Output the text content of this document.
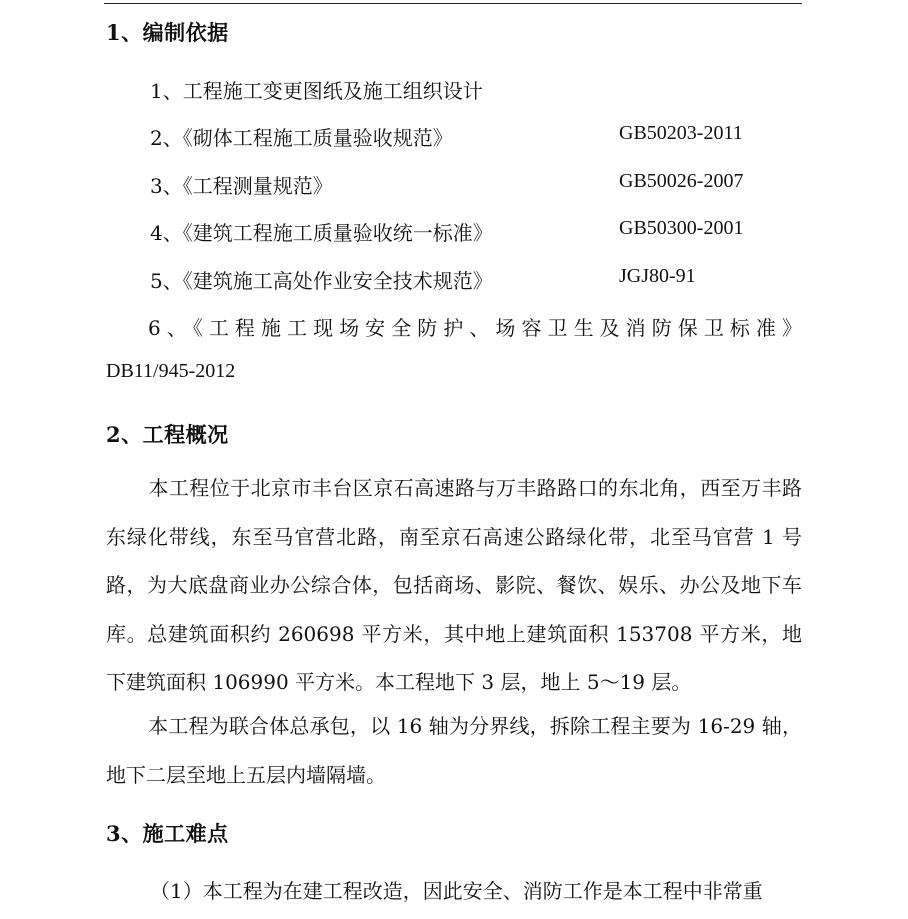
1、编制依据
1、工程施工变更图纸及施工组织设计
2、《砌体工程施工质量验收规范》	GB50203-2011
3、《工程测量规范》	GB50026-2007
4、《建筑工程施工质量验收统一标准》	GB50300-2001
5、《建筑施工高处作业安全技术规范》	JGJ80-91
6、《工程施工现场安全防护、场容卫生及消防保卫标准》
DB11/945-2012
2、工程概况
本工程位于北京市丰台区京石高速路与万丰路路口的东北角，西至万丰路东绿化带线，东至马官营北路，南至京石高速公路绿化带，北至马官营 1 号路，为大底盘商业办公综合体，包括商场、影院、餐饮、娱乐、办公及地下车库。总建筑面积约 260698 平方米，其中地上建筑面积 153708 平方米，地下建筑面积 106990 平方米。本工程地下 3 层，地上 5～19 层。
本工程为联合体总承包，以 16 轴为分界线，拆除工程主要为 16-29 轴，地下二层至地上五层内墙隔墙。
3、施工难点
（1）本工程为在建工程改造，因此安全、消防工作是本工程中非常重
